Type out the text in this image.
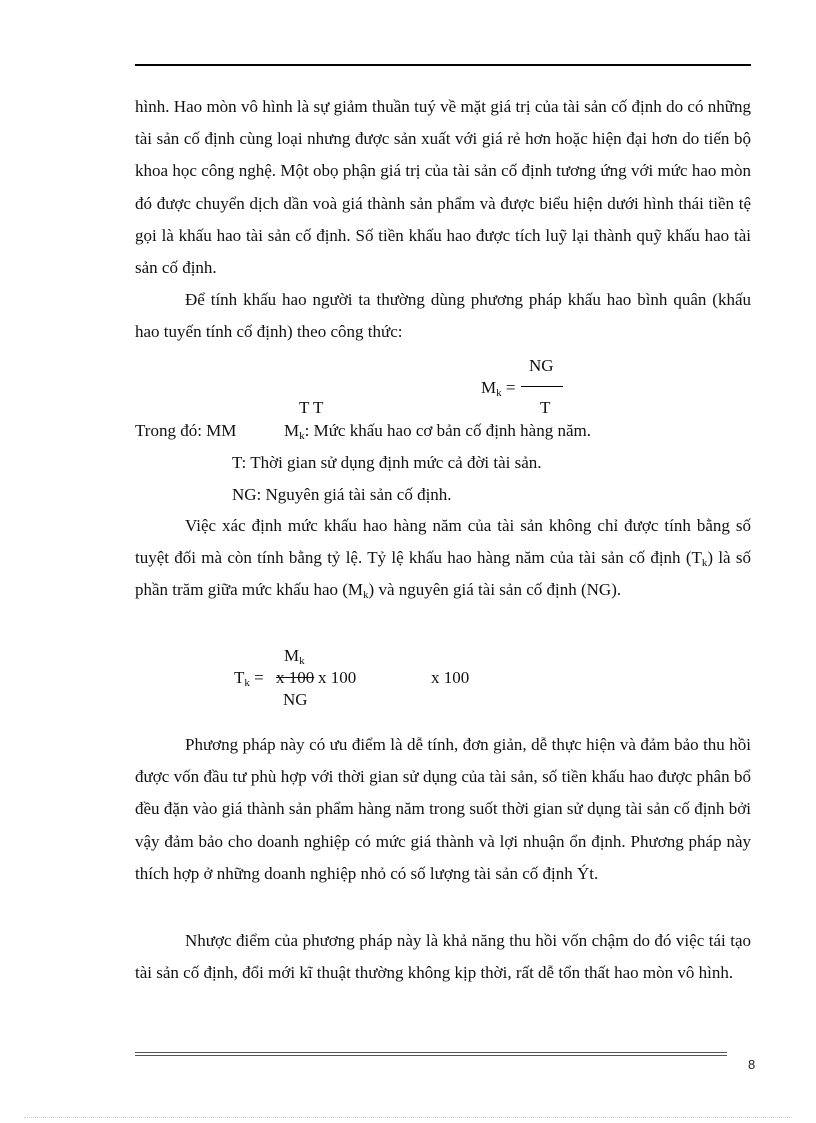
hình. Hao mòn vô hình là sự giảm thuần tuý về mặt giá trị của tài sản cố định do có những tài sản cố định cùng loại nhưng được sản xuất với giá rẻ hơn hoặc hiện đại hơn do tiến bộ khoa học công nghệ. Một obọ phận giá trị của tài sản cố định tương ứng với mức hao mòn đó được chuyển dịch dần voà giá thành sản phẩm và được biểu hiện dưới hình thái tiền tệ gọi là khấu hao tài sản cố định. Số tiền khấu hao được tích luỹ lại thành quỹ khấu hao tài sản cố định.

Để tính khấu hao người ta thường dùng phương pháp khấu hao bình quân (khấu hao tuyến tính cố định) theo công thức:

NG
$M_k$ =
T
T T
Trong đó: MM	$M_k$: Mức khấu hao cơ bản cố định hàng năm.
T: Thời gian sử dụng định mức cả đời tài sản.
NG: Nguyên giá tài sản cố định.

Việc xác định mức khấu hao hàng năm của tài sản không chỉ được tính bằng số tuyệt đối mà còn tính bằng tỷ lệ. Tỷ lệ khấu hao hàng năm của tài sản cố định $(T_k)$ là số phần trăm giữa mức khấu hao $(M_k)$ và nguyên giá tài sản cố định (NG).

$M_k$
$T_k = x$ 100 x 100	x 100
NG

Phương pháp này có ưu điểm là dễ tính, đơn giản, dễ thực hiện và đảm bảo thu hồi được vốn đầu tư phù hợp với thời gian sử dụng của tài sản, số tiền khấu hao được phân bổ đều đặn vào giá thành sản phẩm hàng năm trong suốt thời gian sử dụng tài sản cố định bởi vậy đảm bảo cho doanh nghiệp có mức giá thành và lợi nhuận ổn định. Phương pháp này thích hợp ở những doanh nghiệp nhỏ có số lượng tài sản cố định Ýt.

Nhược điểm của phương pháp này là khả năng thu hồi vốn chậm do đó việc tái tạo tài sản cố định, đổi mới kĩ thuật thường không kịp thời, rất dễ tổn thất hao mòn vô hình.

8
